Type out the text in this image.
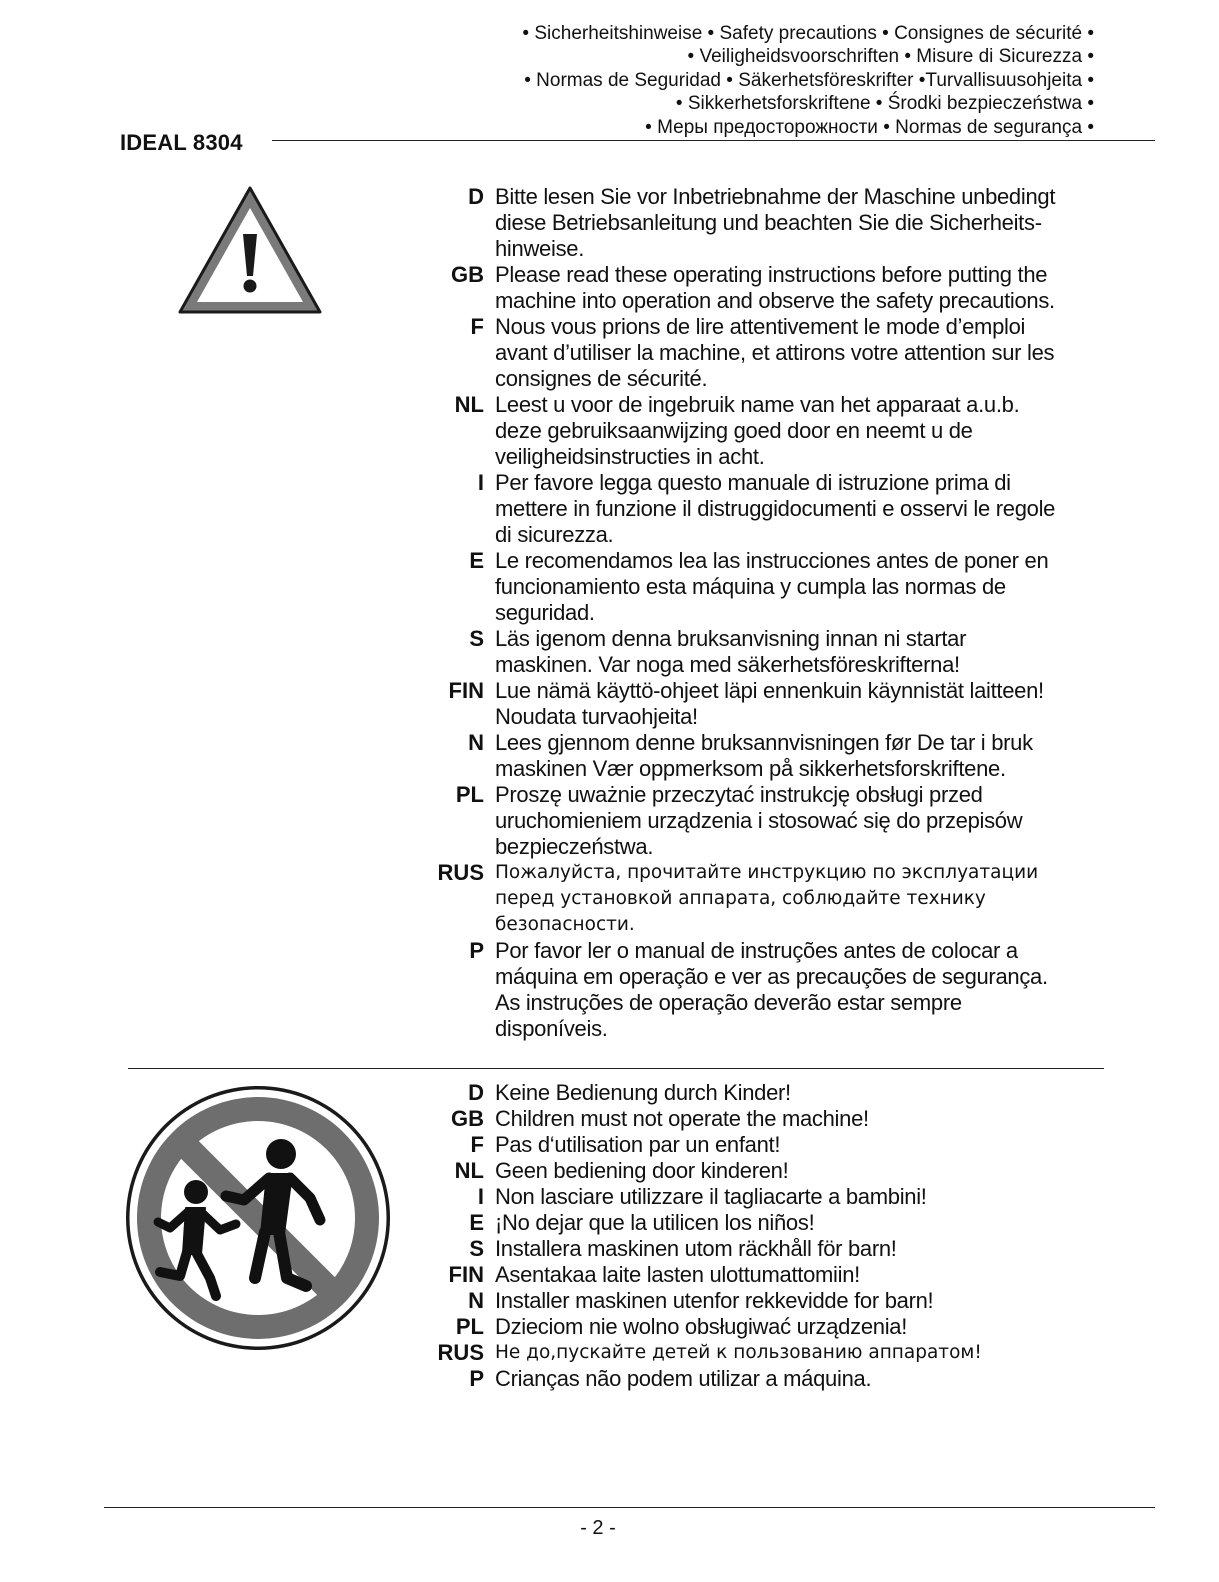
• Sicherheitshinweise • Safety precautions • Consignes de sécurité •
• Veiligheidsvoorschriften • Misure di Sicurezza •
• Normas de Seguridad • Säkerhetsföreskrifter •Turvallisuusohjeita •
• Sikkerhetsforskriftene • Środki bezpieczeństwa •
• Меры предосторожности • Normas de segurança •
IDEAL 8304
D Bitte lesen Sie vor Inbetriebnahme der Maschine unbedingt
diese Betriebsanleitung und beachten Sie die Sicherheits-
hinweise.
GB Please read these operating instructions before putting the
machine into operation and observe the safety precautions.
F Nous vous prions de lire attentivement le mode d’emploi
avant d’utiliser la machine, et attirons votre attention sur les
consignes de sécurité.
NL Leest u voor de ingebruik name van het apparaat a.u.b.
deze gebruiksaanwijzing goed door en neemt u de
veiligheidsinstructies in acht.
I Per favore legga questo manuale di istruzione prima di
mettere in funzione il distruggidocumenti e osservi le regole
di sicurezza.
E Le recomendamos lea las instrucciones antes de poner en
funcionamiento esta máquina y cumpla las normas de
seguridad.
S Läs igenom denna bruksanvisning innan ni startar
maskinen. Var noga med säkerhetsföreskrifterna!
FIN Lue nämä käyttö-ohjeet läpi ennenkuin käynnistät laitteen!
Noudata turvaohjeita!
N Lees gjennom denne bruksannvisningen før De tar i bruk
maskinen Vær oppmerksom på sikkerhetsforskriftene.
PL Proszę uważnie przeczytać instrukcję obsługi przed
uruchomieniem urządzenia i stosować się do przepisów
bezpieczeństwa.
RUS Пожалуйста, прочитайте инструкцию по эксплуатации
перед установкой аппарата, соблюдайте технику
безопасности.
P Por favor ler o manual de instruções antes de colocar a
máquina em operação e ver as precauções de segurança.
As instruções de operação deverão estar sempre
disponíveis.
D Keine Bedienung durch Kinder!
GB Children must not operate the machine!
F Pas d‘utilisation par un enfant!
NL Geen bediening door kinderen!
I Non lasciare utilizzare il tagliacarte a bambini!
E ¡No dejar que la utilicen los niños!
S Installera maskinen utom räckhåll för barn!
FIN Asentakaa laite lasten ulottumattomiin!
N Installer maskinen utenfor rekkevidde for barn!
PL Dzieciom nie wolno obsługiwać urządzenia!
RUS Не до,пускайте детей к пользованию аппаратом!
P Crianças não podem utilizar a máquina.
- 2 -
